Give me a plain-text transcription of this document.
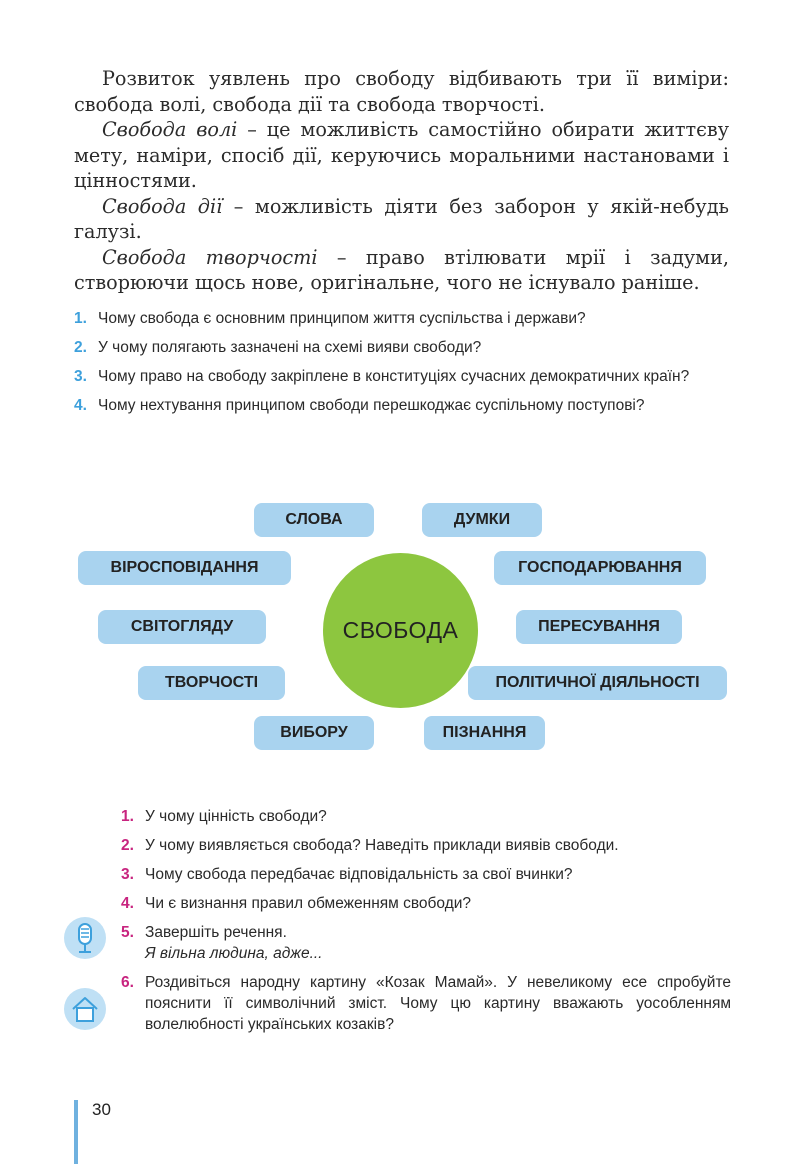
Розвиток уявлень про свободу відбивають три її виміри: свобода волі, свобода дії та свобода творчості.

Свобода волі – це можливість самостійно обирати життєву мету, наміри, спосіб дії, керуючись моральними настановами і цінностями.

Свобода дії – можливість діяти без заборон у якій-небудь галузі.

Свобода творчості – право втілювати мрії і задуми, створюючи щось нове, оригінальне, чого не існувало раніше.

1. Чому свобода є основним принципом життя суспільства і держави?
2. У чому полягають зазначені на схемі вияви свободи?
3. Чому право на свободу закріплене в конституціях сучасних демократичних країн?
4. Чому нехтування принципом свободи перешкоджає суспільному поступові?
СЛОВА	ДУМКИ
ВІРОСПОВІДАННЯ	ГОСПОДАРЮВАННЯ
СВІТОГЛЯДУ	ПЕРЕСУВАННЯ
ТВОРЧОСТІ	ПОЛІТИЧНОЇ ДІЯЛЬНОСТІ
ВИБОРУ	ПІЗНАННЯ
СВОБОДА
1. У чому цінність свободи?
2. У чому виявляється свобода? Наведіть приклади виявів свободи.
3. Чому свобода передбачає відповідальність за свої вчинки?
4. Чи є визнання правил обмеженням свободи?
5. Завершіть речення.
Я вільна людина, адже...
6. Роздивіться народну картину «Козак Мамай». У невеликому есе спробуйте пояснити її символічний зміст. Чому цю картину вважають уособленням волелюбності українських козаків?
30
